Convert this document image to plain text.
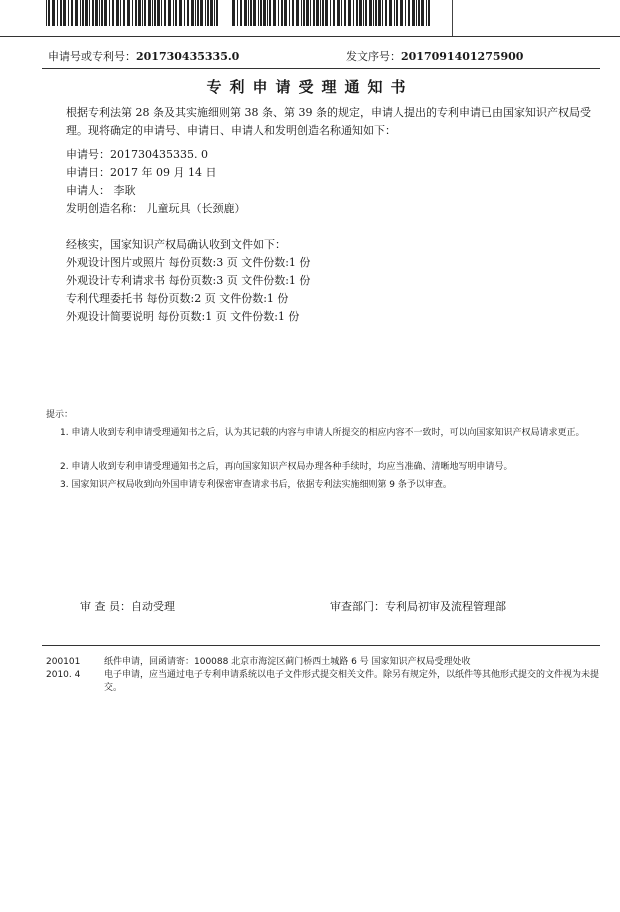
申请号或专利号：201730435335.0	发文序号：2017091401275900
专利申请受理通知书
根据专利法第 28 条及其实施细则第 38 条、第 39 条的规定，申请人提出的专利申请已由国家知识产权局受理。现将确定的申请号、申请日、申请人和发明创造名称通知如下：
申请号：201730435335. 0
申请日：2017 年 09 月 14 日
申请人： 李耿
发明创造名称： 儿童玩具（长颈鹿）
经核实，国家知识产权局确认收到文件如下：
外观设计图片或照片 每份页数:3 页 文件份数:1 份
外观设计专利请求书 每份页数:3 页 文件份数:1 份
专利代理委托书 每份页数:2 页 文件份数:1 份
外观设计简要说明 每份页数:1 页 文件份数:1 份
提示：
1. 申请人收到专利申请受理通知书之后，认为其记载的内容与申请人所提交的相应内容不一致时，可以向国家知识产权局请求更正。
2. 申请人收到专利申请受理通知书之后，再向国家知识产权局办理各种手续时，均应当准确、清晰地写明申请号。
3. 国家知识产权局收到向外国申请专利保密审查请求书后，依据专利法实施细则第 9 条予以审查。
审 查 员：自动受理	审查部门：专利局初审及流程管理部
200101
2010. 4
纸件申请，回函请寄：100088 北京市海淀区蓟门桥西土城路 6 号 国家知识产权局受理处收
电子申请，应当通过电子专利申请系统以电子文件形式提交相关文件。除另有规定外，以纸件等其他形式提交的文件视为未提交。
